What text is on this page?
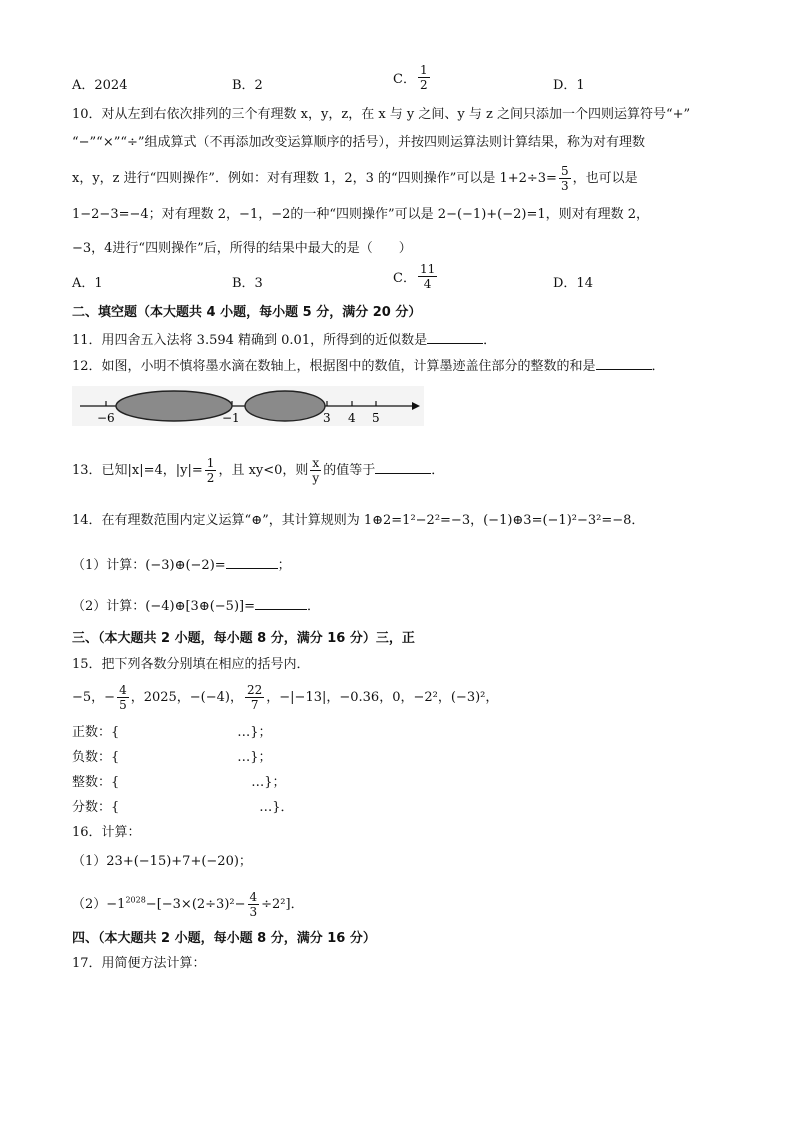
A．2024	B．2	C． $\frac{1}{2}$	D．1
10．对从左到右依次排列的三个有理数 x，y，z，在 x 与 y 之间、y 与 z 之间只添加一个四则运算符号“+”
“−”“×”“÷”组成算式（不再添加改变运算顺序的括号），并按四则运算法则计算结果，称为对有理数
x，y，z 进行“四则操作”．例如：对有理数 1，2，3 的“四则操作”可以是 $1+2\div 3= \frac{5}{3}$ ，也可以是
1−2−3=−4；对有理数 2，−1，−2的一种“四则操作”可以是 2−(−1)+(−2)=1，则对有理数 2，
−3，4进行“四则操作”后，所得的结果中最大的是（　　）
A．1	B．3	C． $\frac{11}{4}$	D．14
二、填空题（本大题共 4 小题，每小题 5 分，满分 20 分）
11．用四舍五入法将 3.594 精确到 0.01，所得到的近似数是	．
12．如图，小明不慎将墨水滴在数轴上，根据图中的数值，计算墨迹盖住部分的整数的和是	．
−6	−1	3 4 5
13．已知|x|=4，$|y|= \frac{1}{2}$ ，且 xy<0，则 $\frac{x}{y}$ 的值等于	．
14．在有理数范围内定义运算“⊕”，其计算规则为 1⊕2=1²−2²=−3，(−1)⊕3=(−1)²−3²=−8．
（1）计算：(−3)⊕(−2)=	；
（2）计算：(−4)⊕[3⊕(−5)]=	．
三、（本大题共 2 小题，每小题 8 分，满分 16 分）三，正
15．把下列各数分别填在相应的括号内．
−5，− $\frac{4}{5}$ ，2025，−(−4)， $\frac{22}{7}$ ，−|−13|，−0.36，0，−2²，(−3)²，
正数：{	…}；
负数：{	…}；
整数：{	…}；
分数：{	…}．
16．计算：
（1）23+(−15)+7+(−20)；
$(2)-1^{2028}-[-3\times(2\div 3)^2- \frac{4}{3} \div 2^2]$．
四、（本大题共 2 小题，每小题 8 分，满分 16 分）
17．用简便方法计算：
